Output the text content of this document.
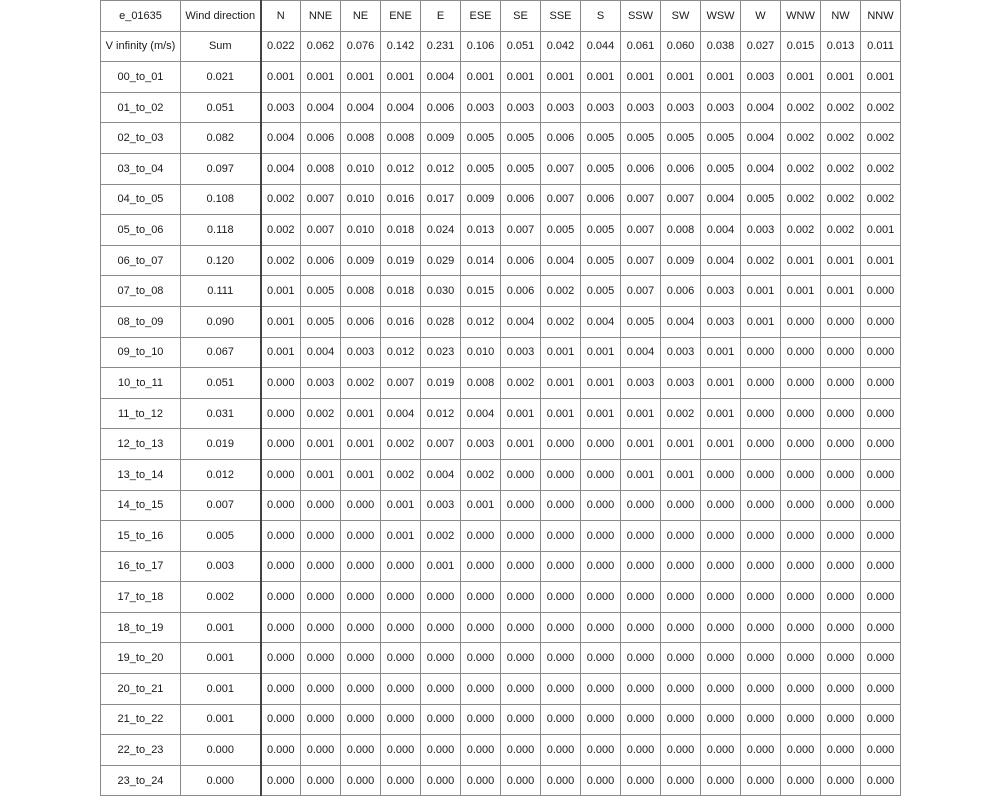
e_01635	Wind direction	N	NNE	NE	ENE	E	ESE	SE	SSE	S	SSW	SW	WSW	W	WNW	NW	NNW
V infinity (m/s)	Sum	0.022	0.062	0.076	0.142	0.231	0.106	0.051	0.042	0.044	0.061	0.060	0.038	0.027	0.015	0.013	0.011
00_to_01	0.021	0.001	0.001	0.001	0.001	0.004	0.001	0.001	0.001	0.001	0.001	0.001	0.001	0.003	0.001	0.001	0.001
01_to_02	0.051	0.003	0.004	0.004	0.004	0.006	0.003	0.003	0.003	0.003	0.003	0.003	0.003	0.004	0.002	0.002	0.002
02_to_03	0.082	0.004	0.006	0.008	0.008	0.009	0.005	0.005	0.006	0.005	0.005	0.005	0.005	0.004	0.002	0.002	0.002
03_to_04	0.097	0.004	0.008	0.010	0.012	0.012	0.005	0.005	0.007	0.005	0.006	0.006	0.005	0.004	0.002	0.002	0.002
04_to_05	0.108	0.002	0.007	0.010	0.016	0.017	0.009	0.006	0.007	0.006	0.007	0.007	0.004	0.005	0.002	0.002	0.002
05_to_06	0.118	0.002	0.007	0.010	0.018	0.024	0.013	0.007	0.005	0.005	0.007	0.008	0.004	0.003	0.002	0.002	0.001
06_to_07	0.120	0.002	0.006	0.009	0.019	0.029	0.014	0.006	0.004	0.005	0.007	0.009	0.004	0.002	0.001	0.001	0.001
07_to_08	0.111	0.001	0.005	0.008	0.018	0.030	0.015	0.006	0.002	0.005	0.007	0.006	0.003	0.001	0.001	0.001	0.000
08_to_09	0.090	0.001	0.005	0.006	0.016	0.028	0.012	0.004	0.002	0.004	0.005	0.004	0.003	0.001	0.000	0.000	0.000
09_to_10	0.067	0.001	0.004	0.003	0.012	0.023	0.010	0.003	0.001	0.001	0.004	0.003	0.001	0.000	0.000	0.000	0.000
10_to_11	0.051	0.000	0.003	0.002	0.007	0.019	0.008	0.002	0.001	0.001	0.003	0.003	0.001	0.000	0.000	0.000	0.000
11_to_12	0.031	0.000	0.002	0.001	0.004	0.012	0.004	0.001	0.001	0.001	0.001	0.002	0.001	0.000	0.000	0.000	0.000
12_to_13	0.019	0.000	0.001	0.001	0.002	0.007	0.003	0.001	0.000	0.000	0.001	0.001	0.001	0.000	0.000	0.000	0.000
13_to_14	0.012	0.000	0.001	0.001	0.002	0.004	0.002	0.000	0.000	0.000	0.001	0.001	0.000	0.000	0.000	0.000	0.000
14_to_15	0.007	0.000	0.000	0.000	0.001	0.003	0.001	0.000	0.000	0.000	0.000	0.000	0.000	0.000	0.000	0.000	0.000
15_to_16	0.005	0.000	0.000	0.000	0.001	0.002	0.000	0.000	0.000	0.000	0.000	0.000	0.000	0.000	0.000	0.000	0.000
16_to_17	0.003	0.000	0.000	0.000	0.000	0.001	0.000	0.000	0.000	0.000	0.000	0.000	0.000	0.000	0.000	0.000	0.000
17_to_18	0.002	0.000	0.000	0.000	0.000	0.000	0.000	0.000	0.000	0.000	0.000	0.000	0.000	0.000	0.000	0.000	0.000
18_to_19	0.001	0.000	0.000	0.000	0.000	0.000	0.000	0.000	0.000	0.000	0.000	0.000	0.000	0.000	0.000	0.000	0.000
19_to_20	0.001	0.000	0.000	0.000	0.000	0.000	0.000	0.000	0.000	0.000	0.000	0.000	0.000	0.000	0.000	0.000	0.000
20_to_21	0.001	0.000	0.000	0.000	0.000	0.000	0.000	0.000	0.000	0.000	0.000	0.000	0.000	0.000	0.000	0.000	0.000
21_to_22	0.001	0.000	0.000	0.000	0.000	0.000	0.000	0.000	0.000	0.000	0.000	0.000	0.000	0.000	0.000	0.000	0.000
22_to_23	0.000	0.000	0.000	0.000	0.000	0.000	0.000	0.000	0.000	0.000	0.000	0.000	0.000	0.000	0.000	0.000	0.000
23_to_24	0.000	0.000	0.000	0.000	0.000	0.000	0.000	0.000	0.000	0.000	0.000	0.000	0.000	0.000	0.000	0.000	0.000
